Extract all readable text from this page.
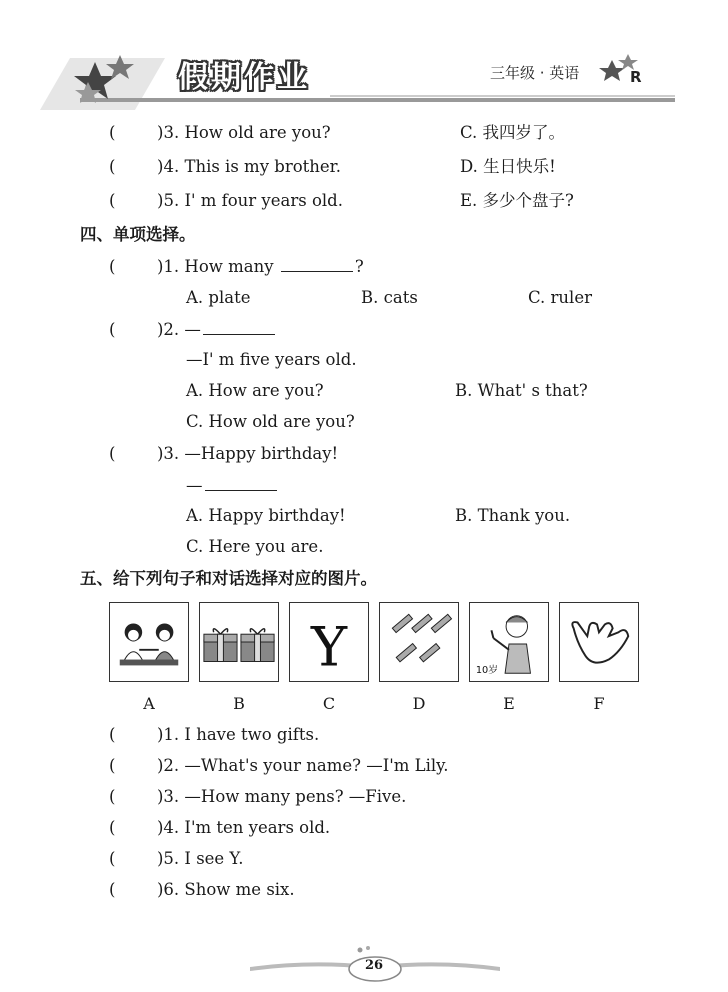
假期作业	三年级 · 英语	R
(	)3. How old are you?	C. 我四岁了。
(	)4. This is my brother.	D. 生日快乐!
(	)5. I' m four years old.	E. 多少个盘子?
四、单项选择。
(	)1. How many	?
A. plate	B. cats	C. ruler
(	)2. —
—I' m five years old.
A. How are you?	B. What' s that?
C. How old are you?
(	)3. —Happy birthday!
—
A. Happy birthday!	B. Thank you.
C. Here you are.
五、给下列句子和对话选择对应的图片。
Y	10岁
A	B	C	D	E	F
(	)1. I have two gifts.
(	)2. —What's your name? —I'm Lily.
(	)3. —How many pens? —Five.
(	)4. I'm ten years old.
(	)5. I see Y.
(	)6. Show me six.
26
